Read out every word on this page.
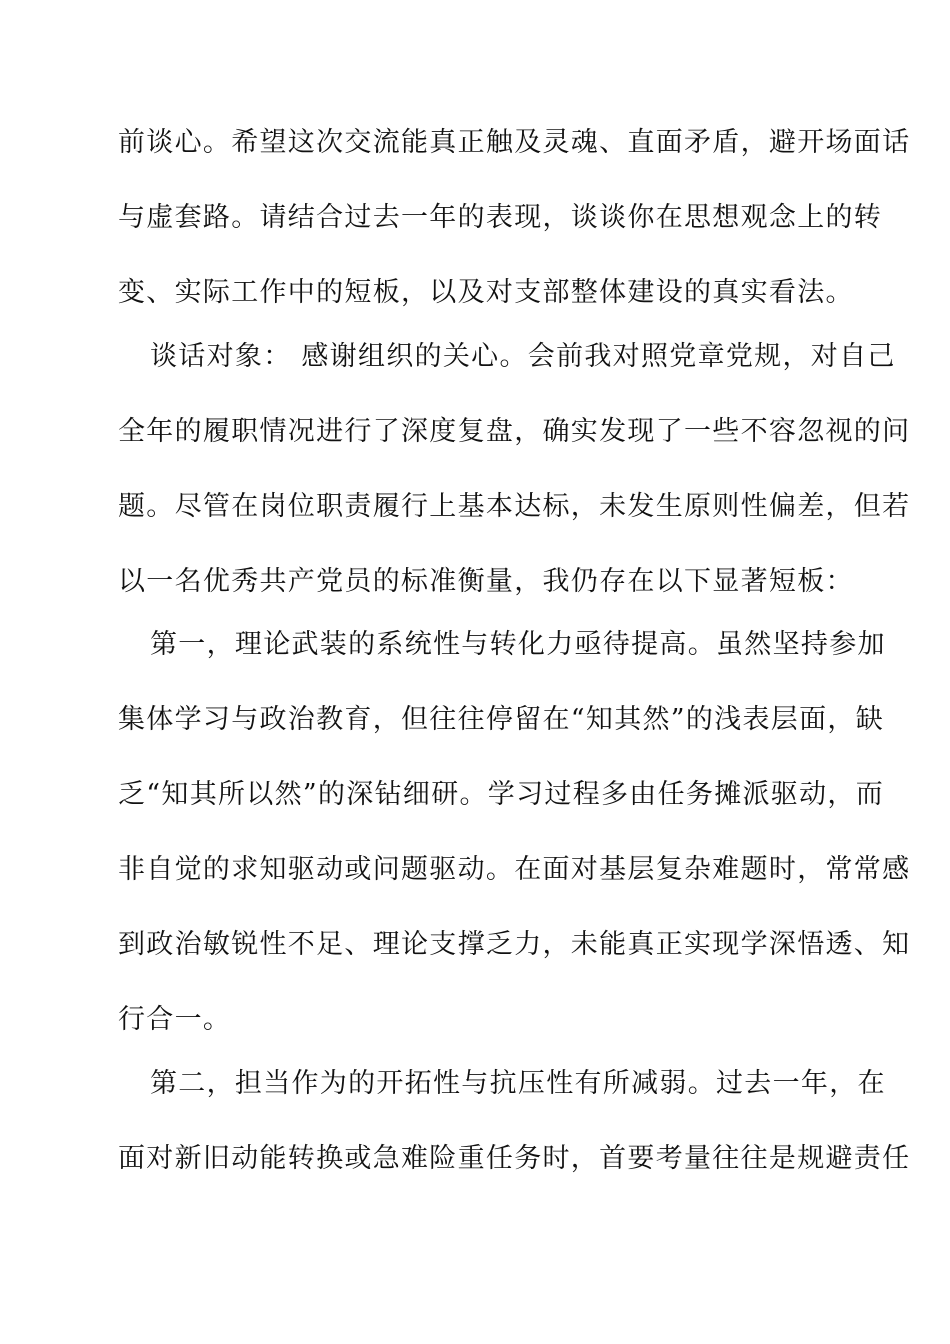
前谈心。希望这次交流能真正触及灵魂、直面矛盾，避开场面话
与虚套路。请结合过去一年的表现，谈谈你在思想观念上的转
变、实际工作中的短板，以及对支部整体建设的真实看法。
谈话对象： 感谢组织的关心。会前我对照党章党规，对自己
全年的履职情况进行了深度复盘，确实发现了一些不容忽视的问
题。尽管在岗位职责履行上基本达标，未发生原则性偏差，但若
以一名优秀共产党员的标准衡量，我仍存在以下显著短板：
第一，理论武装的系统性与转化力亟待提高。虽然坚持参加
集体学习与政治教育，但往往停留在“知其然”的浅表层面，缺
乏“知其所以然”的深钻细研。学习过程多由任务摊派驱动，而
非自觉的求知驱动或问题驱动。在面对基层复杂难题时，常常感
到政治敏锐性不足、理论支撑乏力，未能真正实现学深悟透、知
行合一。
第二，担当作为的开拓性与抗压性有所减弱。过去一年，在
面对新旧动能转换或急难险重任务时，首要考量往往是规避责任
